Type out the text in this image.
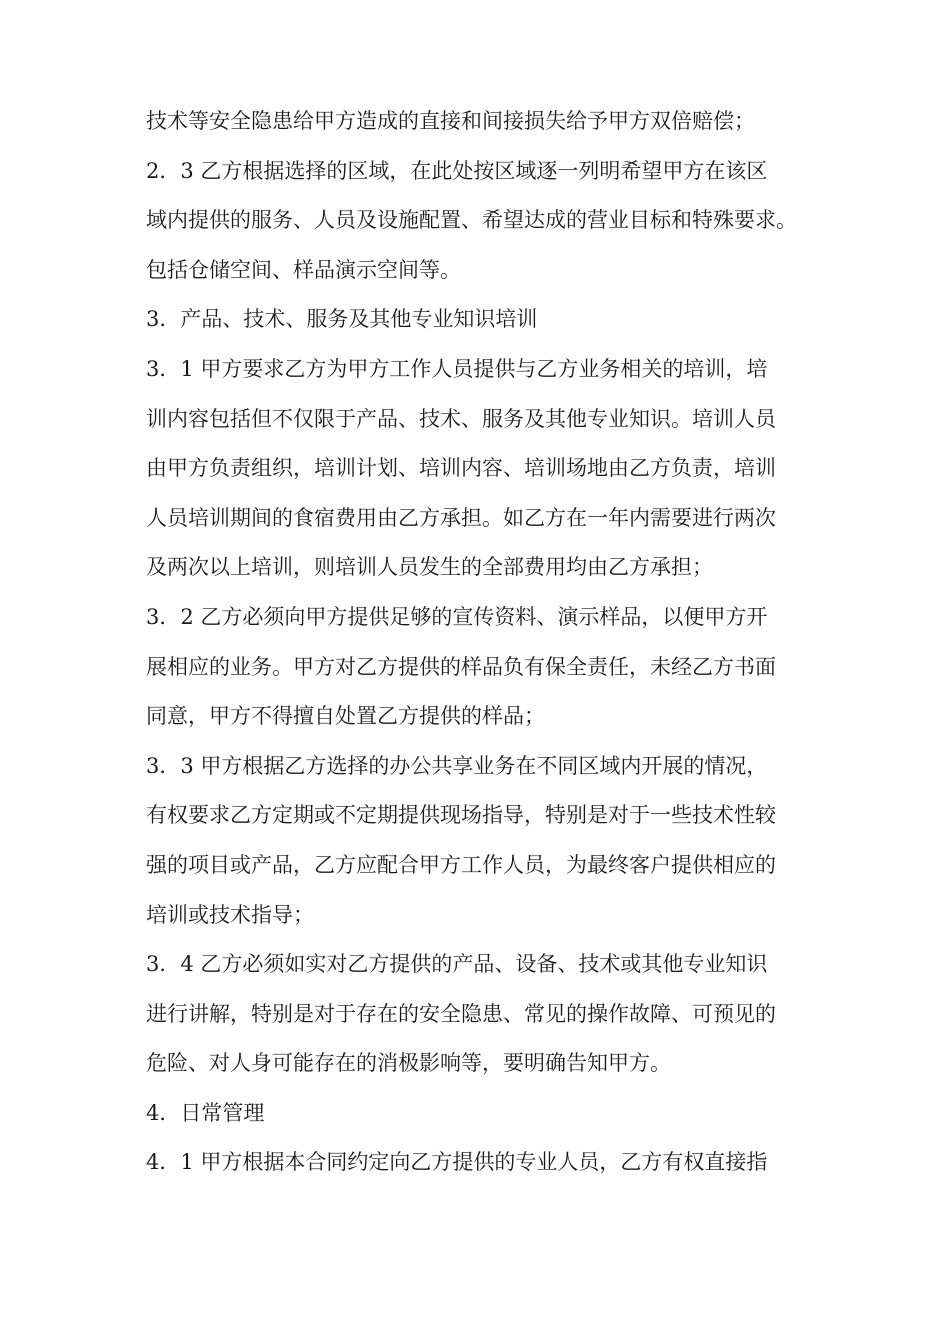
技术等安全隐患给甲方造成的直接和间接损失给予甲方双倍赔偿；
2．3 乙方根据选择的区域，在此处按区域逐一列明希望甲方在该区
域内提供的服务、人员及设施配置、希望达成的营业目标和特殊要求。
包括仓储空间、样品演示空间等。
3．产品、技术、服务及其他专业知识培训
3．1 甲方要求乙方为甲方工作人员提供与乙方业务相关的培训，培
训内容包括但不仅限于产品、技术、服务及其他专业知识。培训人员
由甲方负责组织，培训计划、培训内容、培训场地由乙方负责，培训
人员培训期间的食宿费用由乙方承担。如乙方在一年内需要进行两次
及两次以上培训，则培训人员发生的全部费用均由乙方承担；
3．2 乙方必须向甲方提供足够的宣传资料、演示样品，以便甲方开
展相应的业务。甲方对乙方提供的样品负有保全责任，未经乙方书面
同意，甲方不得擅自处置乙方提供的样品；
3．3 甲方根据乙方选择的办公共享业务在不同区域内开展的情况，
有权要求乙方定期或不定期提供现场指导，特别是对于一些技术性较
强的项目或产品，乙方应配合甲方工作人员，为最终客户提供相应的
培训或技术指导；
3．4 乙方必须如实对乙方提供的产品、设备、技术或其他专业知识
进行讲解，特别是对于存在的安全隐患、常见的操作故障、可预见的
危险、对人身可能存在的消极影响等，要明确告知甲方。
4．日常管理
4．1 甲方根据本合同约定向乙方提供的专业人员，乙方有权直接指
